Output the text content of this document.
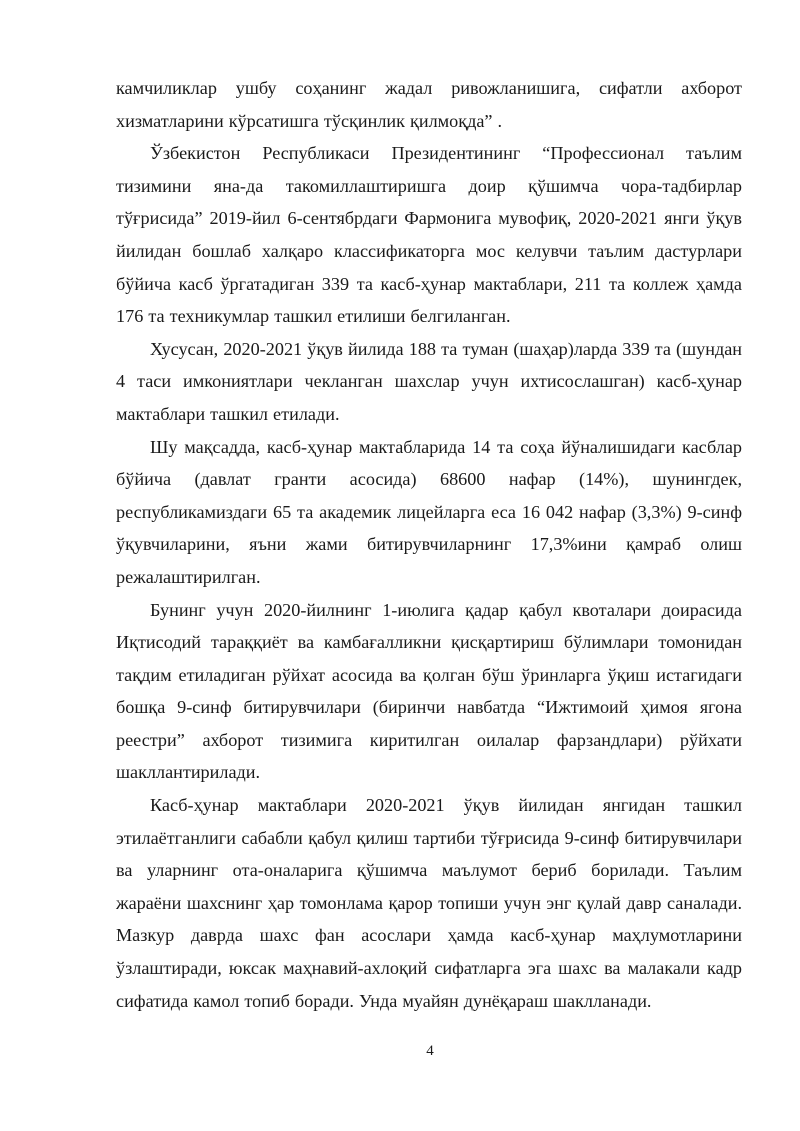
камчиликлар ушбу соҳанинг жадал ривожланишига, сифатли ахборот хизматларини кўрсатишга тўсқинлик қилмоқда” .

Ўзбекистон Республикаси Президентининг “Профессионал таълим тизимини яна-да такомиллаштиришга доир қўшимча чора-тадбирлар тўғрисида” 2019-йил 6-сентябрдаги Фармонига мувофиқ, 2020-2021 янги ўқув йилидан бошлаб халқаро классификаторга мос келувчи таълим дастурлари бўйича касб ўргатадиган 339 та касб-ҳунар мактаблари, 211 та коллеж ҳамда 176 та техникумлар ташкил етилиши белгиланган.

Хусусан, 2020-2021 ўқув йилида 188 та туман (шаҳар)ларда 339 та (шундан 4 таси имкониятлари чекланган шахслар учун ихтисослашган) касб-ҳунар мактаблари ташкил етилади.

Шу мақсадда, касб-ҳунар мактабларида 14 та соҳа йўналишидаги касблар бўйича (давлат гранти асосида) 68600 нафар (14%), шунингдек, республикамиздаги 65 та академик лицейларга еса 16 042 нафар (3,3%) 9-синф ўқувчиларини, яъни жами битирувчиларнинг 17,3%ини қамраб олиш режалаштирилган.

Бунинг учун 2020-йилнинг 1-июлига қадар қабул квоталари доирасида Иқтисодий тараққиёт ва камбағалликни қисқартириш бўлимлари томонидан тақдим етиладиган рўйхат асосида ва қолган бўш ўринларга ўқиш истагидаги бошқа 9-синф битирувчилари (биринчи навбатда “Ижтимоий ҳимоя ягона реестри” ахборот тизимига киритилган оилалар фарзандлари) рўйхати шакллантирилади.

Касб-ҳунар мактаблари 2020-2021 ўқув йилидан янгидан ташкил этилаётганлиги сабабли қабул қилиш тартиби тўғрисида 9-синф битирувчилари ва уларнинг ота-оналарига қўшимча маълумот бериб борилади. Таълим жараёни шахснинг ҳар томонлама қарор топиши учун энг қулай давр саналади. Мазкур даврда шахс фан асослари ҳамда касб-ҳунар маҳлумотларини ўзлаштиради, юксак маҳнавий-ахлоқий сифатларга эга шахс ва малакали кадр сифатида камол топиб боради. Унда муайян дунёқараш шаклланади.

4
